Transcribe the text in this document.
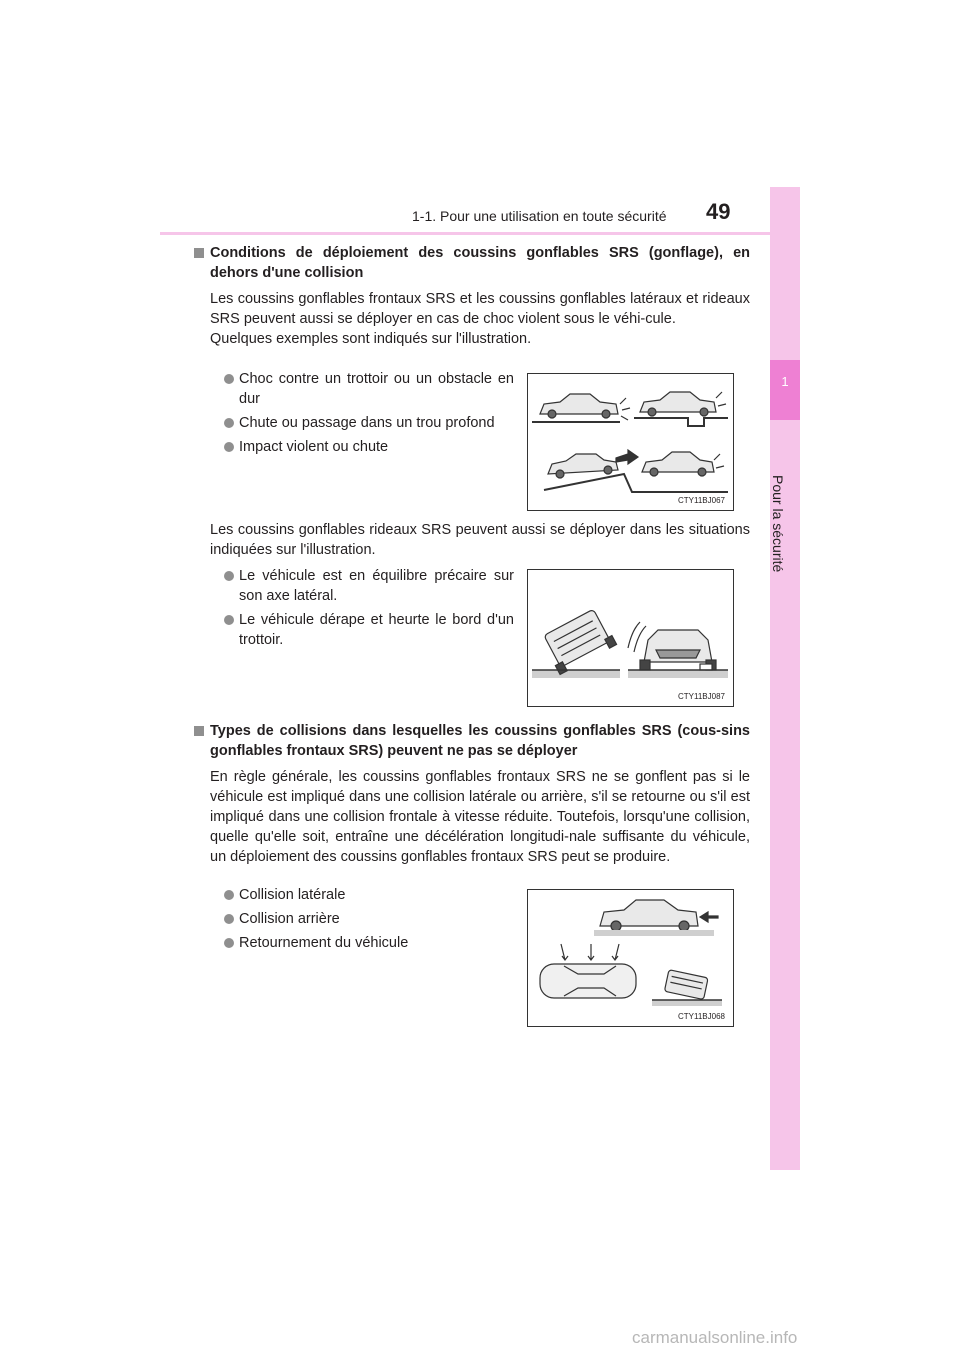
1
Pour la sécurité
1-1. Pour une utilisation en toute sécurité 49
Conditions de déploiement des coussins gonflables SRS (gonflage), en dehors d'une collision
Les coussins gonflables frontaux SRS et les coussins gonflables latéraux et rideaux SRS peuvent aussi se déployer en cas de choc violent sous le véhi-cule.
Quelques exemples sont indiqués sur l'illustration.
Choc contre un trottoir ou un obstacle en dur
Chute ou passage dans un trou profond
Impact violent ou chute
CTY11BJ067
Les coussins gonflables rideaux SRS peuvent aussi se déployer dans les situations indiquées sur l'illustration.
Le véhicule est en équilibre précaire sur son axe latéral.
Le véhicule dérape et heurte le bord d'un trottoir.
CTY11BJ087
Types de collisions dans lesquelles les coussins gonflables SRS (cous-sins gonflables frontaux SRS) peuvent ne pas se déployer
En règle générale, les coussins gonflables frontaux SRS ne se gonflent pas si le véhicule est impliqué dans une collision latérale ou arrière, s'il se retourne ou s'il est impliqué dans une collision frontale à vitesse réduite. Toutefois, lorsqu'une collision, quelle qu'elle soit, entraîne une décélération longitudi-nale suffisante du véhicule, un déploiement des coussins gonflables frontaux SRS peut se produire.
Collision latérale
Collision arrière
Retournement du véhicule
CTY11BJ068
carmanualsonline.info
